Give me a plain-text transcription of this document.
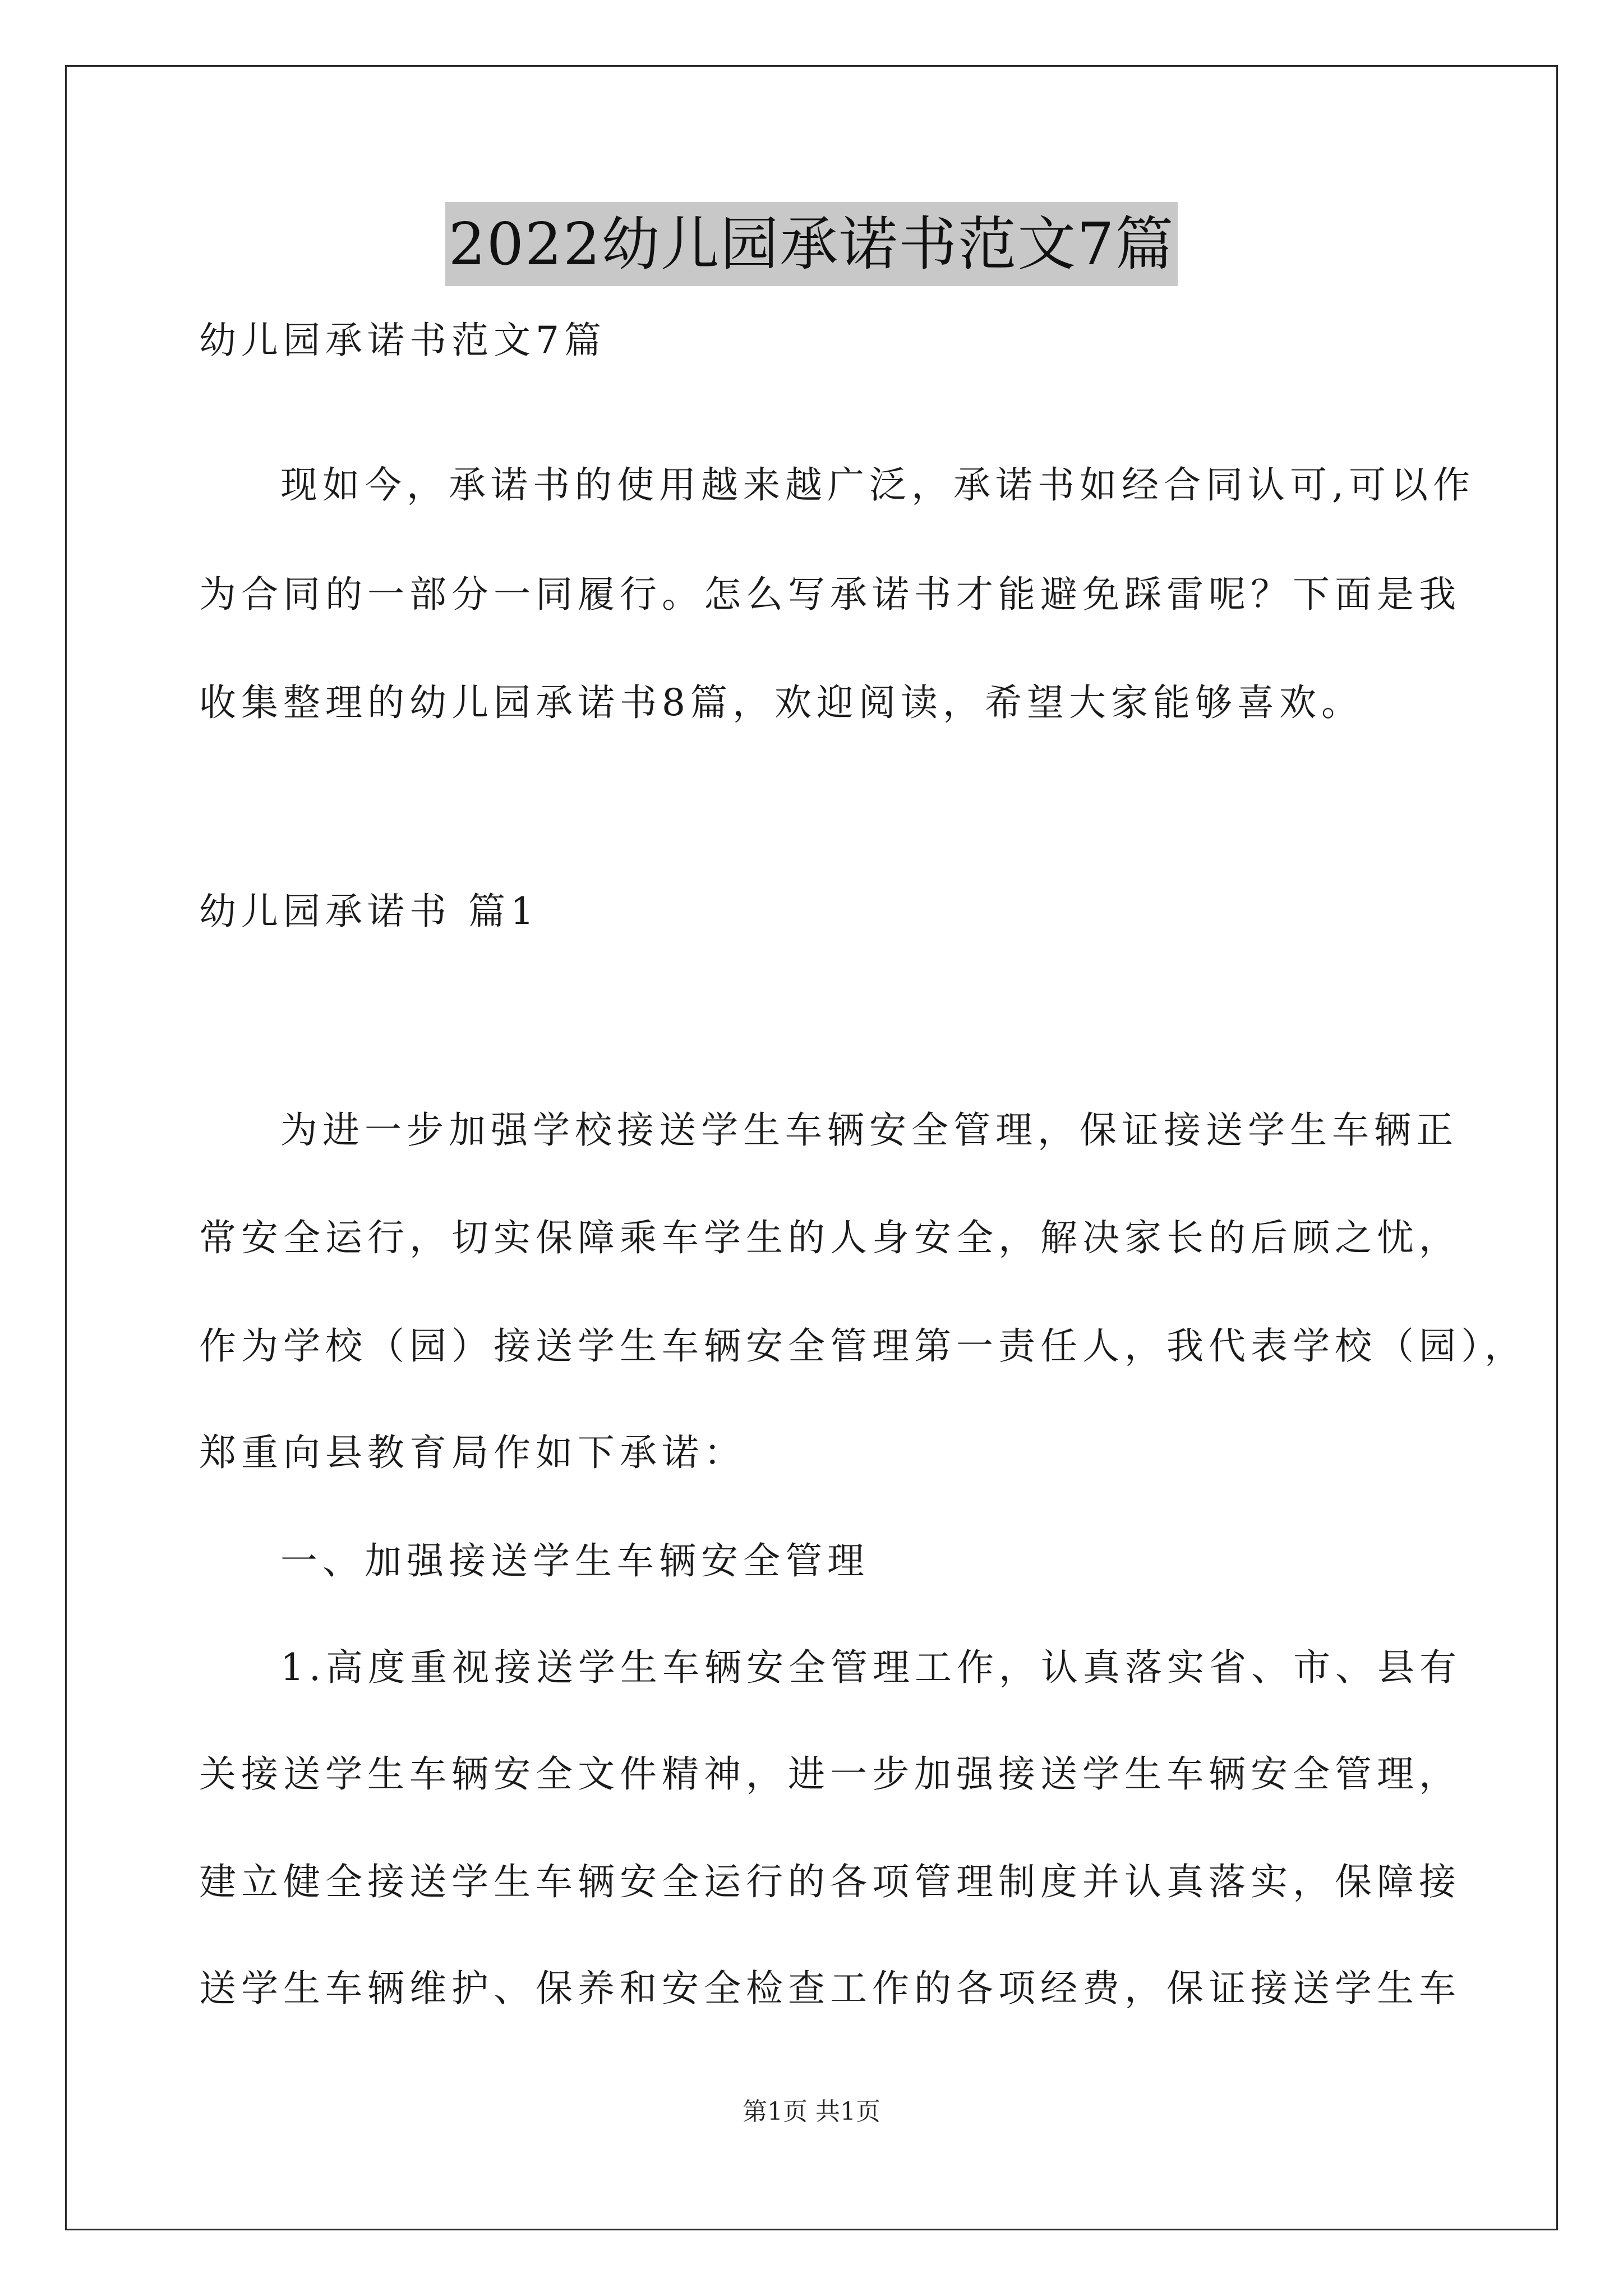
2022幼儿园承诺书范文7篇
幼儿园承诺书范文7篇
现如今，承诺书的使用越来越广泛，承诺书如经合同认可,可以作
为合同的一部分一同履行。怎么写承诺书才能避免踩雷呢？下面是我
收集整理的幼儿园承诺书8篇，欢迎阅读，希望大家能够喜欢。
幼儿园承诺书 篇1
为进一步加强学校接送学生车辆安全管理，保证接送学生车辆正
常安全运行，切实保障乘车学生的人身安全，解决家长的后顾之忧，
作为学校（园）接送学生车辆安全管理第一责任人，我代表学校（园），
郑重向县教育局作如下承诺：
一、加强接送学生车辆安全管理
1.高度重视接送学生车辆安全管理工作，认真落实省、市、县有
关接送学生车辆安全文件精神，进一步加强接送学生车辆安全管理，
建立健全接送学生车辆安全运行的各项管理制度并认真落实，保障接
送学生车辆维护、保养和安全检查工作的各项经费，保证接送学生车
第1页 共1页
